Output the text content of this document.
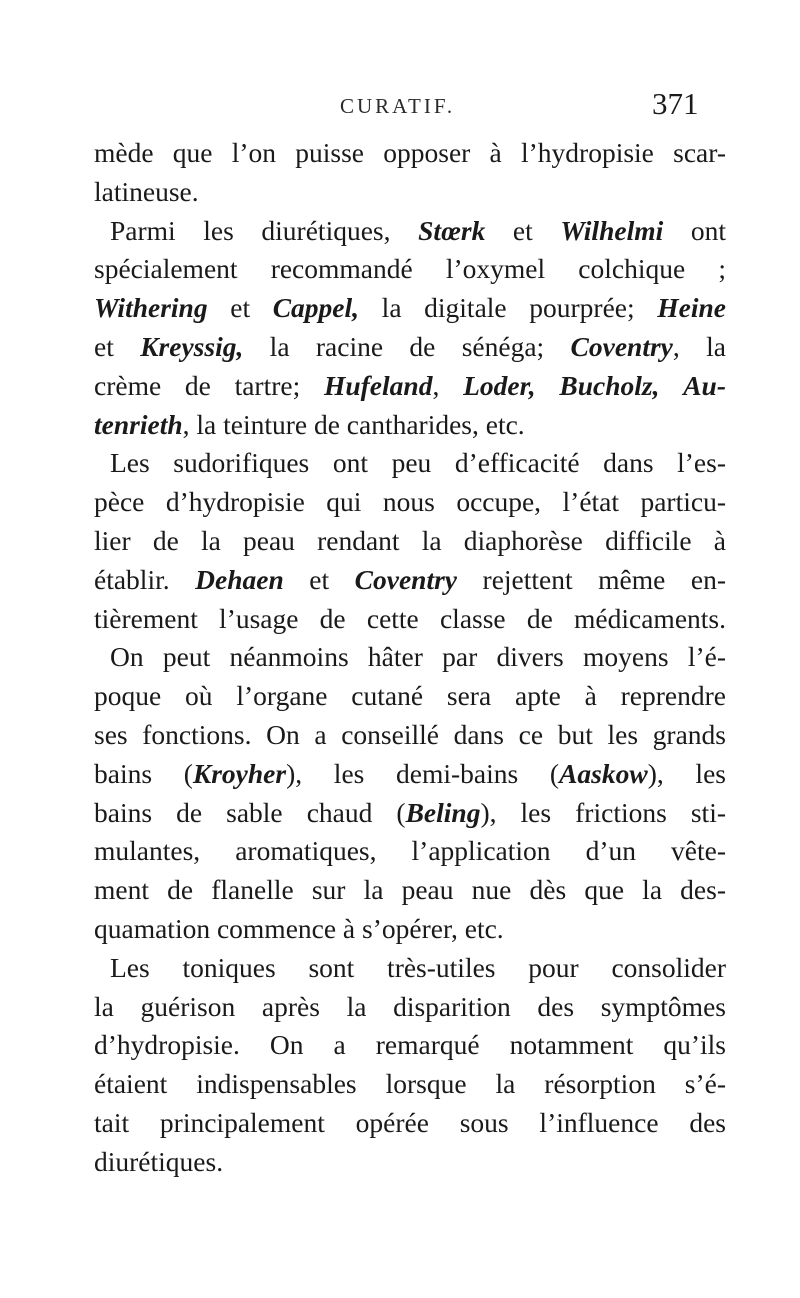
CURATIF.	371
mède que l’on puisse opposer à l’hydropisie scar-
latineuse.
Parmi les diurétiques, Stœrk et Wilhelmi ont
spécialement recommandé l’oxymel colchique ;
Withering et Cappel, la digitale pourprée; Heine
et Kreyssig, la racine de sénéga; Coventry, la
crème de tartre; Hufeland, Loder, Bucholz, Au-
tenrieth, la teinture de cantharides, etc.
Les sudorifiques ont peu d’efficacité dans l’es-
pèce d’hydropisie qui nous occupe, l’état particu-
lier de la peau rendant la diaphorèse difficile à
établir. Dehaen et Coventry rejettent même en-
tièrement l’usage de cette classe de médicaments.
On peut néanmoins hâter par divers moyens l’é-
poque où l’organe cutané sera apte à reprendre
ses fonctions. On a conseillé dans ce but les grands
bains (Kroyher), les demi-bains (Aaskow), les
bains de sable chaud (Beling), les frictions sti-
mulantes, aromatiques, l’application d’un vête-
ment de flanelle sur la peau nue dès que la des-
quamation commence à s’opérer, etc.
Les toniques sont très-utiles pour consolider
la guérison après la disparition des symptômes
d’hydropisie. On a remarqué notamment qu’ils
étaient indispensables lorsque la résorption s’é-
tait principalement opérée sous l’influence des
diurétiques.
